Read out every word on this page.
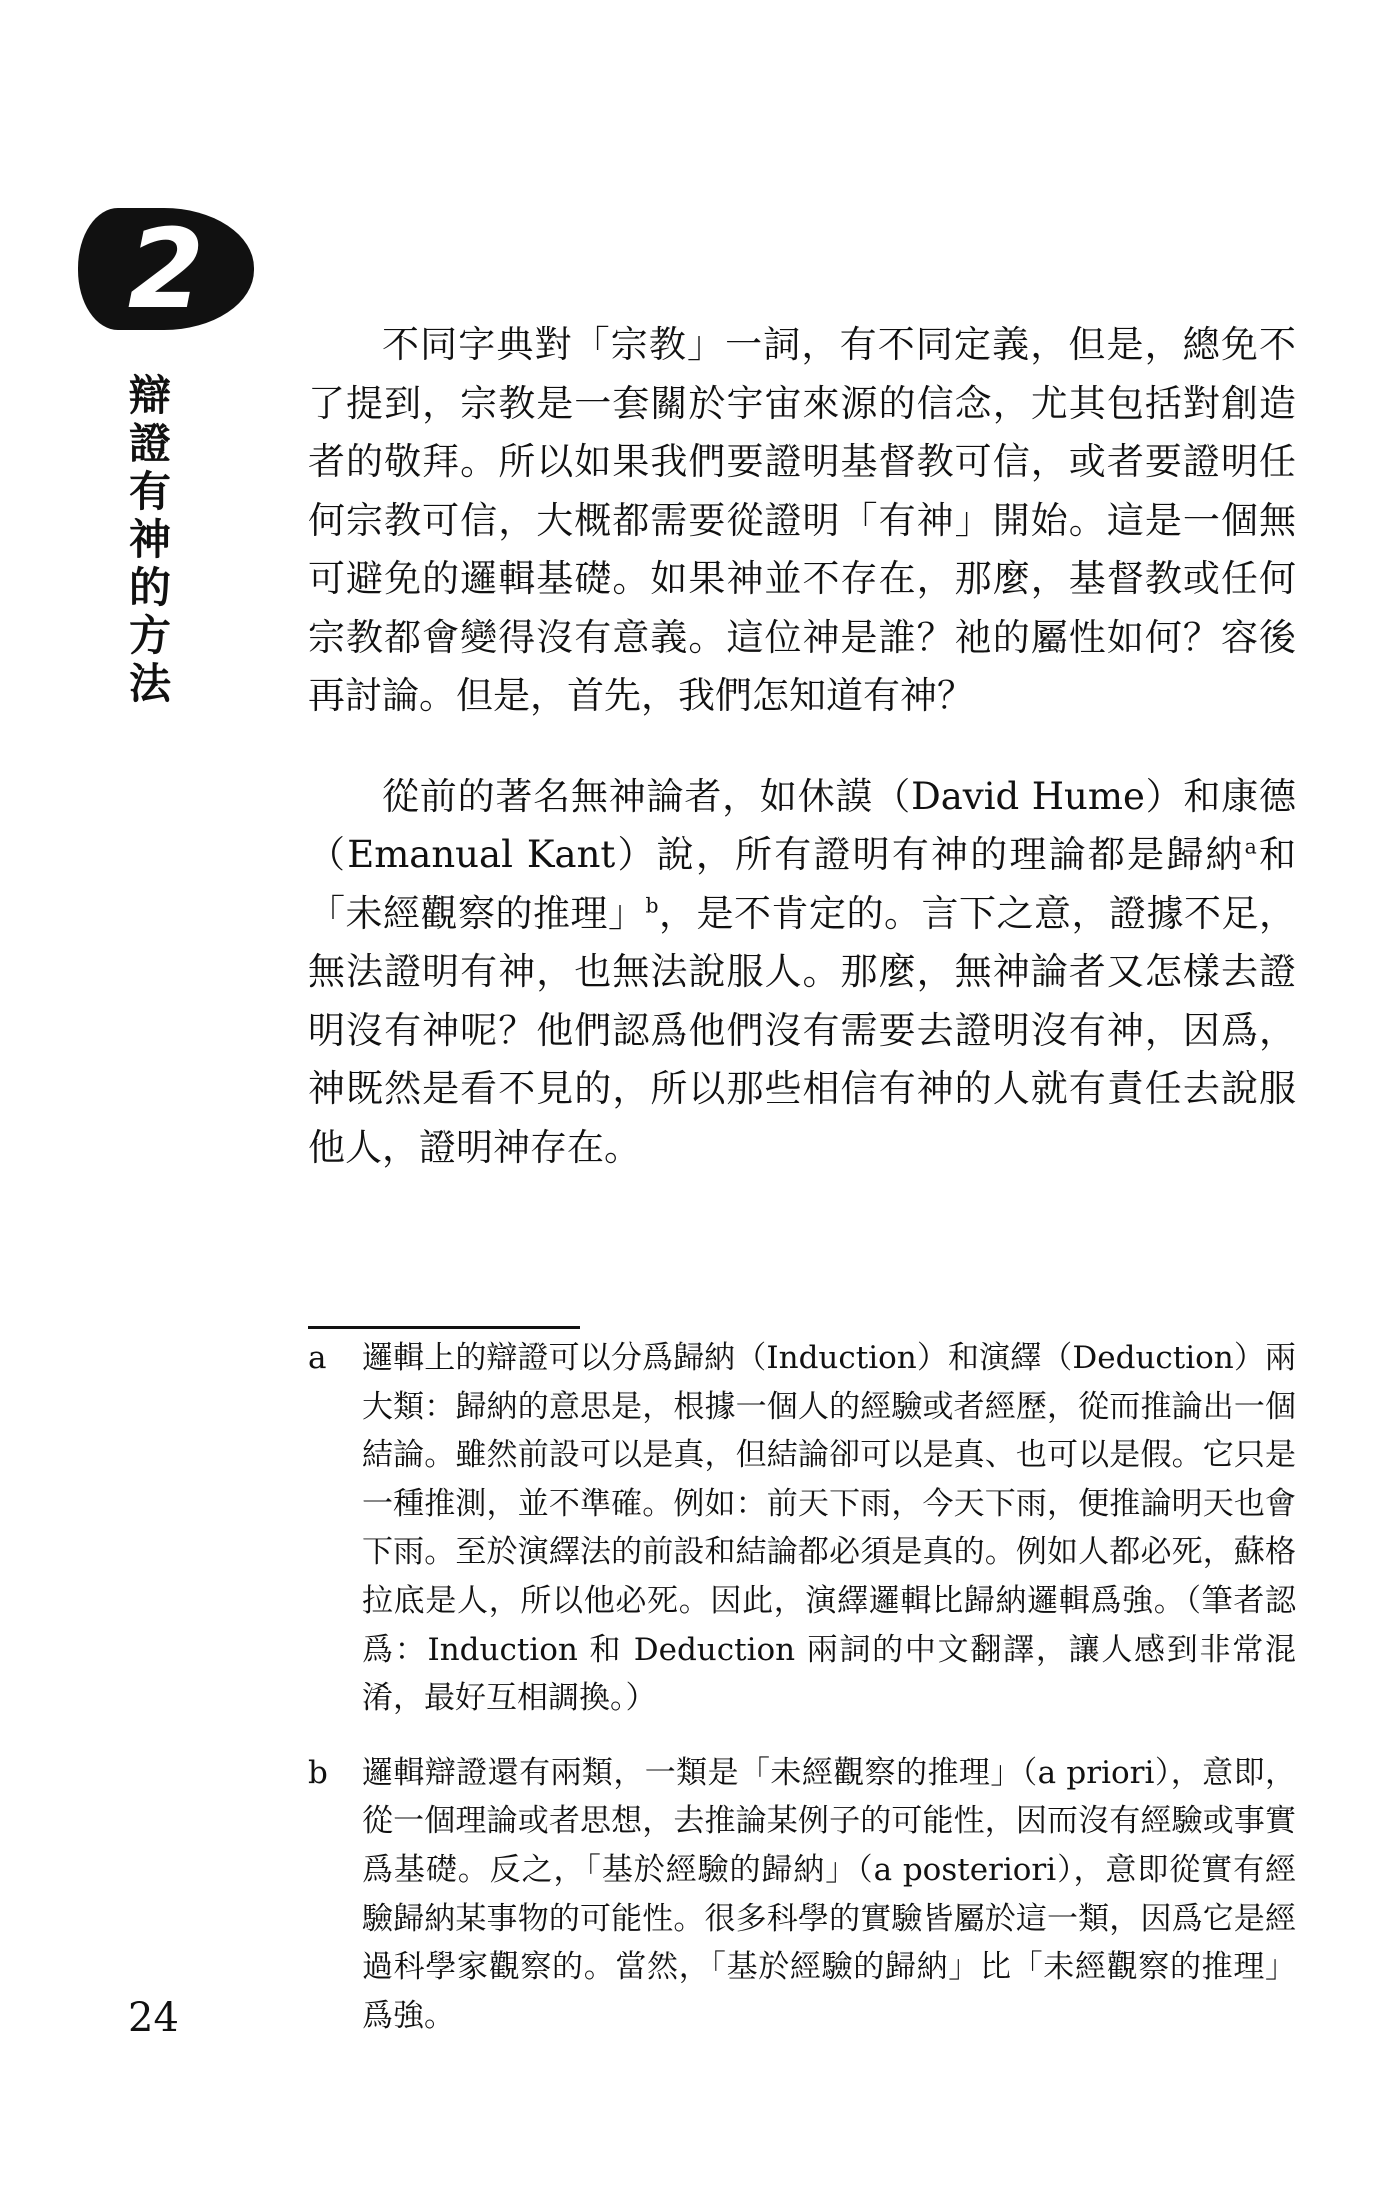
2
辯證有神的方法

不同字典對「宗教」一詞，有不同定義，但是，總免不了提到，宗教是一套關於宇宙來源的信念，尤其包括對創造者的敬拜。所以如果我們要證明基督教可信，或者要證明任何宗教可信，大概都需要從證明「有神」開始。這是一個無可避免的邏輯基礎。如果神並不存在，那麼，基督教或任何宗教都會變得沒有意義。這位神是誰？祂的屬性如何？容後再討論。但是，首先，我們怎知道有神？

從前的著名無神論者，如休謨（David Hume）和康德（Emanual Kant）說，所有證明有神的理論都是歸納$^a$和「未經觀察的推理」$^b$，是不肯定的。言下之意，證據不足，無法證明有神，也無法說服人。那麼，無神論者又怎樣去證明沒有神呢？他們認爲他們沒有需要去證明沒有神，因爲，神既然是看不見的，所以那些相信有神的人就有責任去說服他人，證明神存在。

a	邏輯上的辯證可以分爲歸納（Induction）和演繹（Deduction）兩大類：歸納的意思是，根據一個人的經驗或者經歷，從而推論出一個結論。雖然前設可以是真，但結論卻可以是真、也可以是假。它只是一種推測，並不準確。例如：前天下雨，今天下雨，便推論明天也會下雨。至於演繹法的前設和結論都必須是真的。例如人都必死，蘇格拉底是人，所以他必死。因此，演繹邏輯比歸納邏輯爲強。（筆者認爲：Induction 和 Deduction 兩詞的中文翻譯，讓人感到非常混淆，最好互相調換。）
b	邏輯辯證還有兩類，一類是「未經觀察的推理」（a priori），意即，從一個理論或者思想，去推論某例子的可能性，因而沒有經驗或事實爲基礎。反之，「基於經驗的歸納」（a posteriori），意即從實有經驗歸納某事物的可能性。很多科學的實驗皆屬於這一類，因爲它是經過科學家觀察的。當然，「基於經驗的歸納」比「未經觀察的推理」爲強。
24
